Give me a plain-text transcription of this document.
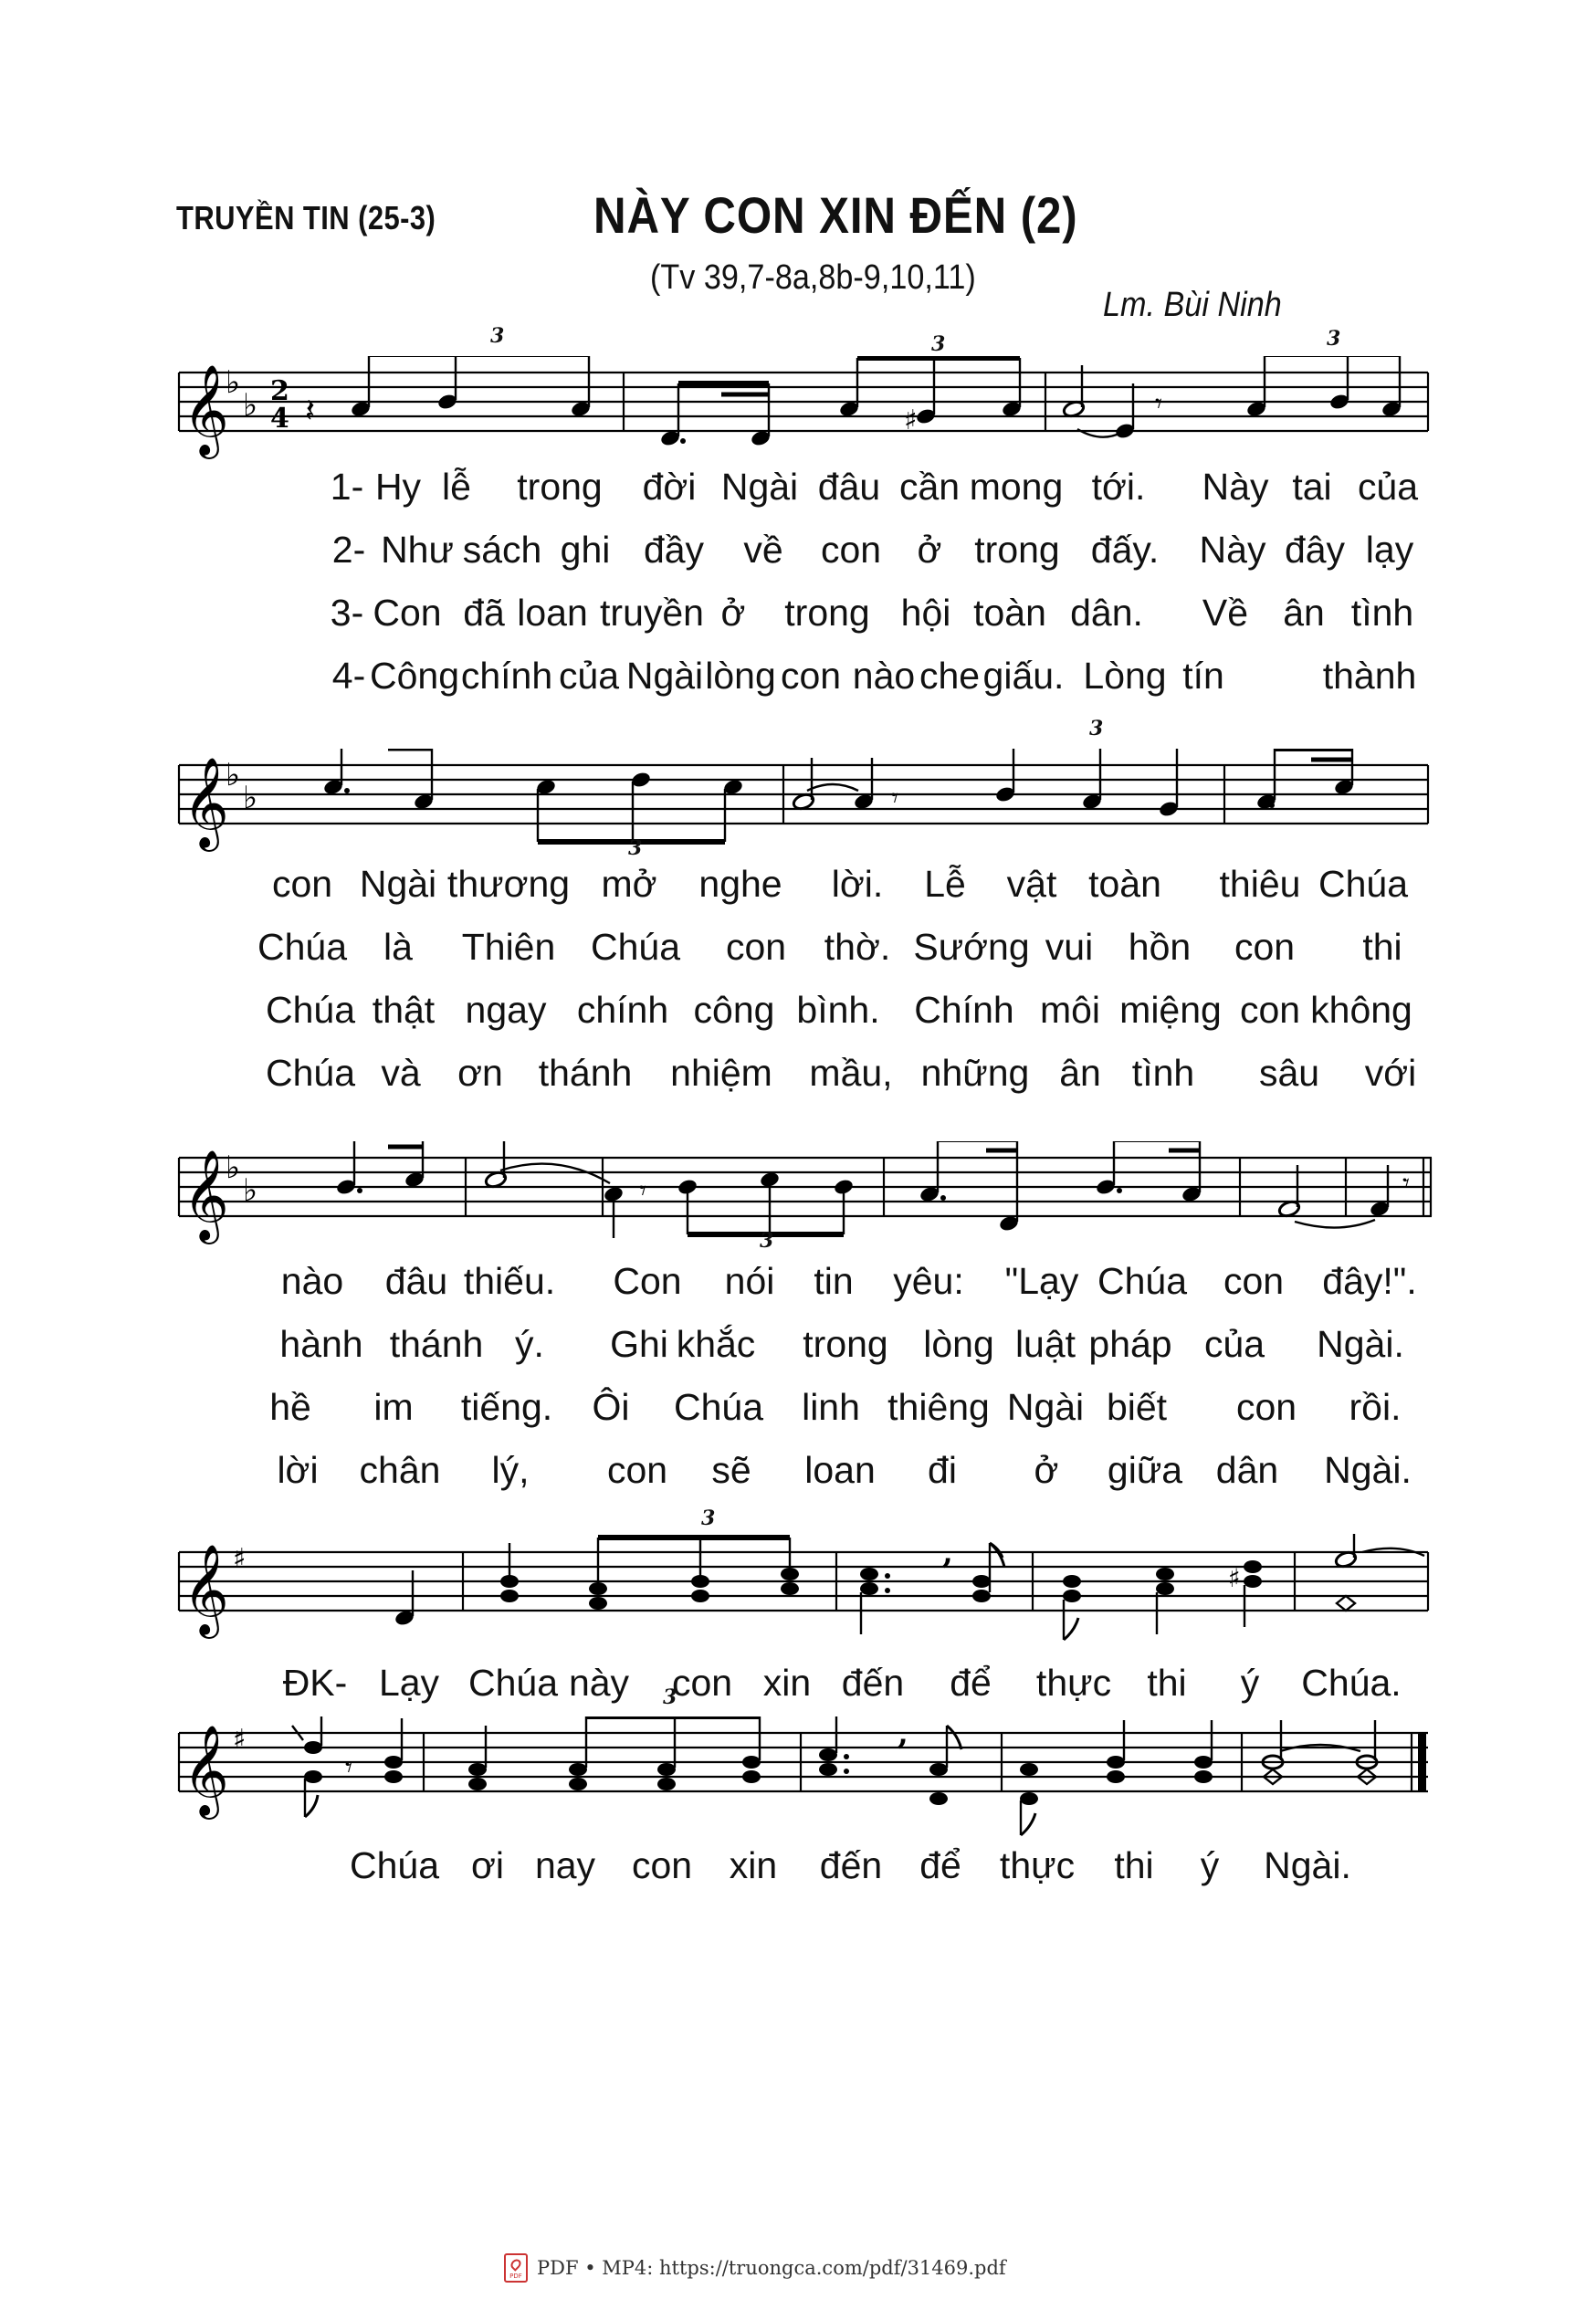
TRUYỀN TIN (25-3)	NÀY CON XIN ĐẾN (2)
(Tv 39,7-8a,8b-9,10,11)
Lm. Bùi Ninh
𝄞
♭
♭ 2
4 𝄽	♯
𝄾
3	3	3
1- Hy lễ trong đời Ngài đâu cần mong tới. Này tai của
2- Như sách ghi đầy về con ở trong đấy. Này đây lạy
3- Con đã loan truyền ở trong hội toàn dân. Về ân tình
4- Công chính của Ngài lòng con nào che giấu. Lòng tín	thành
𝄞
♭
♭	𝄾
3
3
con Ngài thương mở nghe lời. Lễ vật toàn thiêu Chúa
Chúa là Thiên Chúa con thờ. Sướng vui hồn con thi
Chúa thật ngay chính công bình. Chính môi miệng con không
Chúa và ơn thánh nhiệm mầu, những ân tình sâu với
𝄞
♭
♭	𝄾	𝄾
3
nào đâu thiếu. Con nói tin yêu: "Lạy Chúa con đây!".
hành thánh ý. Ghi khắc trong lòng luật pháp của Ngài.
hề im tiếng. Ôi Chúa linh thiêng Ngài biết con rồi.
lời chân lý, con sẽ loan đi ở giữa dân Ngài.
𝄞 ♯	,
♯
3
ĐK- Lạy Chúa này con xin đến để thực thi ý Chúa.
𝄞 ♯	,
𝄾
3
Chúa ơi nay con xin đến để thực thi ý Ngài.
PDF
PDF • MP4: https://truongca.com/pdf/31469.pdf
